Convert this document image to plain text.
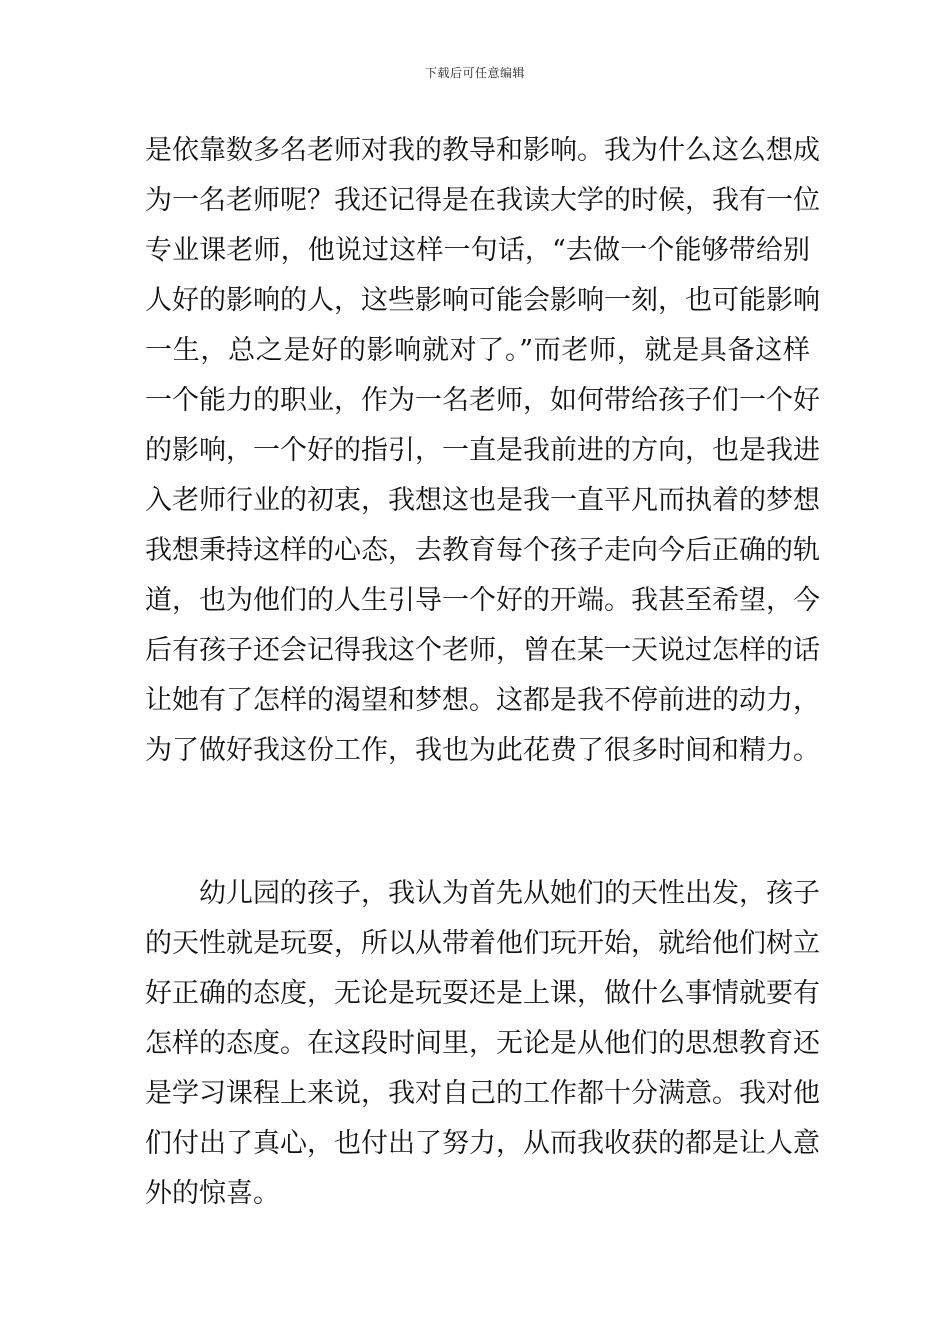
下载后可任意编辑
是依靠数多名老师对我的教导和影响。我为什么这么想成
为一名老师呢？我还记得是在我读大学的时候，我有一位
专业课老师，他说过这样一句话，“去做一个能够带给别
人好的影响的人，这些影响可能会影响一刻，也可能影响
一生，总之是好的影响就对了。”而老师，就是具备这样
一个能力的职业，作为一名老师，如何带给孩子们一个好
的影响，一个好的指引，一直是我前进的方向，也是我进
入老师行业的初衷，我想这也是我一直平凡而执着的梦想
我想秉持这样的心态，去教育每个孩子走向今后正确的轨
道，也为他们的人生引导一个好的开端。我甚至希望，今
后有孩子还会记得我这个老师，曾在某一天说过怎样的话
让她有了怎样的渴望和梦想。这都是我不停前进的动力，
为了做好我这份工作，我也为此花费了很多时间和精力。
幼儿园的孩子，我认为首先从她们的天性出发，孩子
的天性就是玩耍，所以从带着他们玩开始，就给他们树立
好正确的态度，无论是玩耍还是上课，做什么事情就要有
怎样的态度。在这段时间里，无论是从他们的思想教育还
是学习课程上来说，我对自己的工作都十分满意。我对他
们付出了真心，也付出了努力，从而我收获的都是让人意
外的惊喜。
